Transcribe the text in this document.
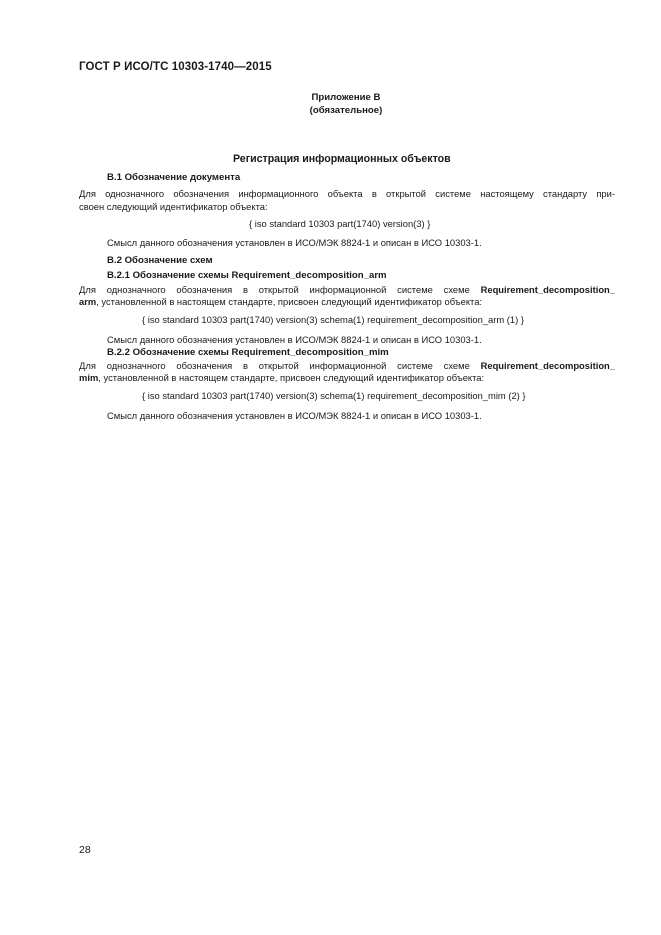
ГОСТ Р ИСО/ТС 10303-1740—2015
Приложение В
(обязательное)
Регистрация информационных объектов
В.1 Обозначение документа
Для однозначного обозначения информационного объекта в открытой системе настоящему стандарту при-
своен следующий идентификатор объекта:
{ iso standard 10303 part(1740) version(3) }
Смысл данного обозначения установлен в ИСО/МЭК 8824-1 и описан в ИСО 10303-1.
В.2 Обозначение схем
В.2.1 Обозначение схемы Requirement_decomposition_arm
Для однозначного обозначения в открытой информационной системе схеме Requirement_decomposition_
arm, установленной в настоящем стандарте, присвоен следующий идентификатор объекта:
{ iso standard 10303 part(1740) version(3) schema(1) requirement_decomposition_arm (1) }
Смысл данного обозначения установлен в ИСО/МЭК 8824-1 и описан в ИСО 10303-1.
В.2.2 Обозначение схемы Requirement_decomposition_mim
Для однозначного обозначения в открытой информационной системе схеме Requirement_decomposition_
mim, установленной в настоящем стандарте, присвоен следующий идентификатор объекта:
{ iso standard 10303 part(1740) version(3) schema(1) requirement_decomposition_mim (2) }
Смысл данного обозначения установлен в ИСО/МЭК 8824-1 и описан в ИСО 10303-1.
28
